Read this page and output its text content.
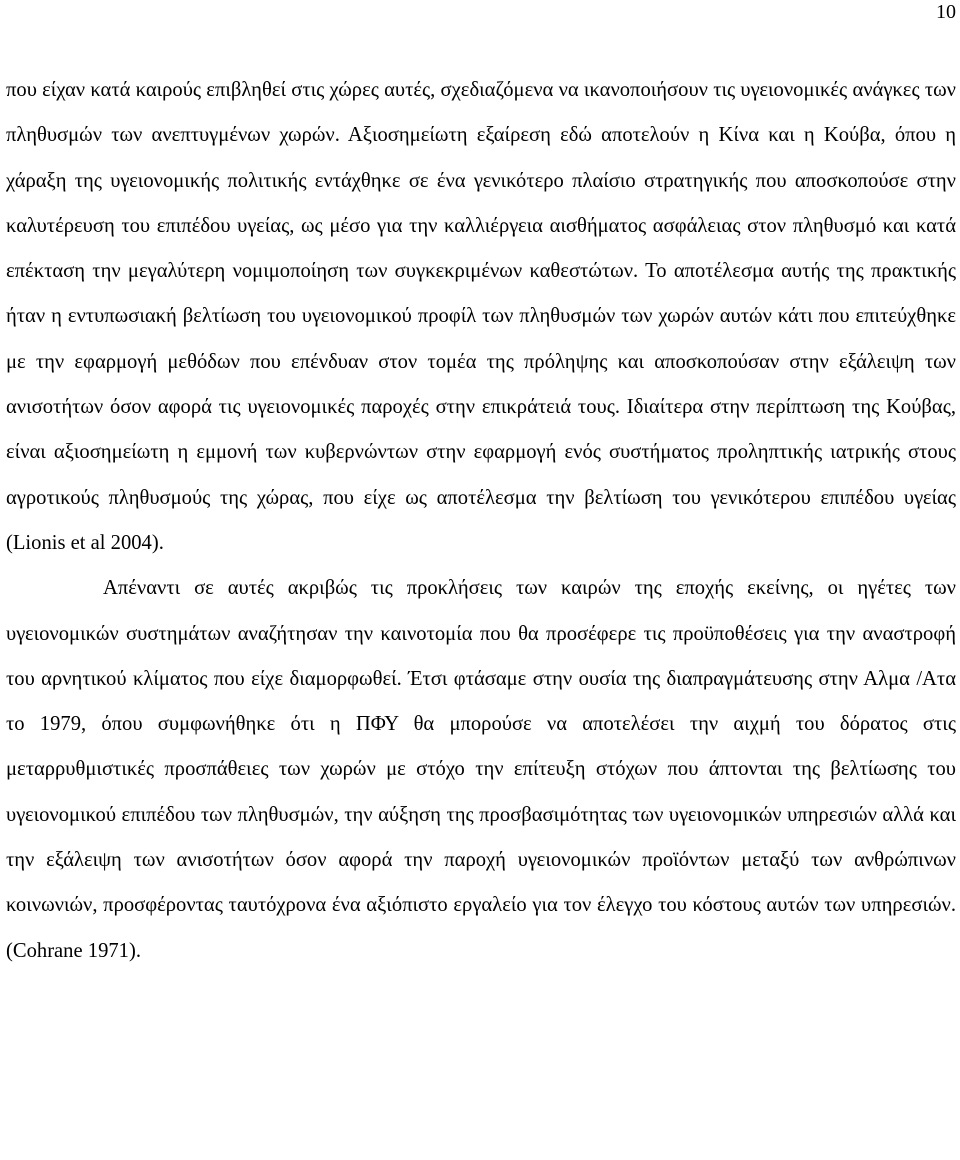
10

που είχαν κατά καιρούς επιβληθεί στις χώρες αυτές, σχεδιαζόμενα να ικανοποιήσουν τις υγειονομικές ανάγκες των πληθυσμών των ανεπτυγμένων χωρών. Αξιοσημείωτη εξαίρεση εδώ αποτελούν η Κίνα και η Κούβα, όπου η χάραξη της υγειονομικής πολιτικής εντάχθηκε σε ένα γενικότερο πλαίσιο στρατηγικής που αποσκοπούσε στην καλυτέρευση του επιπέδου υγείας, ως μέσο για την καλλιέργεια αισθήματος ασφάλειας στον πληθυσμό και κατά επέκταση την μεγαλύτερη νομιμοποίηση των συγκεκριμένων καθεστώτων. Το αποτέλεσμα αυτής της πρακτικής ήταν η εντυπωσιακή βελτίωση του υγειονομικού προφίλ των πληθυσμών των χωρών αυτών κάτι που επιτεύχθηκε με την εφαρμογή μεθόδων που επένδυαν στον τομέα της πρόληψης και αποσκοπούσαν στην εξάλειψη των ανισοτήτων όσον αφορά τις υγειονομικές παροχές στην επικράτειά τους. Ιδιαίτερα στην περίπτωση της Κούβας, είναι αξιοσημείωτη η εμμονή των κυβερνώντων στην εφαρμογή ενός συστήματος προληπτικής ιατρικής στους αγροτικούς πληθυσμούς της χώρας, που είχε ως αποτέλεσμα την βελτίωση του γενικότερου επιπέδου υγείας (Lionis et al 2004).

Απέναντι σε αυτές ακριβώς τις προκλήσεις των καιρών της εποχής εκείνης, οι ηγέτες των υγειονομικών συστημάτων αναζήτησαν την καινοτομία που θα προσέφερε τις προϋποθέσεις για την αναστροφή του αρνητικού κλίματος που είχε διαμορφωθεί. Έτσι φτάσαμε στην ουσία της διαπραγμάτευσης στην Αλμα /Ατα το 1979, όπου συμφωνήθηκε ότι η ΠΦΥ θα μπορούσε να αποτελέσει την αιχμή του δόρατος στις μεταρρυθμιστικές προσπάθειες των χωρών με στόχο την επίτευξη στόχων που άπτονται της βελτίωσης του υγειονομικού επιπέδου των πληθυσμών, την αύξηση της προσβασιμότητας των υγειονομικών υπηρεσιών αλλά και την εξάλειψη των ανισοτήτων όσον αφορά την παροχή υγειονομικών προϊόντων μεταξύ των ανθρώπινων κοινωνιών, προσφέροντας ταυτόχρονα ένα αξιόπιστο εργαλείο για τον έλεγχο του κόστους αυτών των υπηρεσιών.(Cohrane 1971).
